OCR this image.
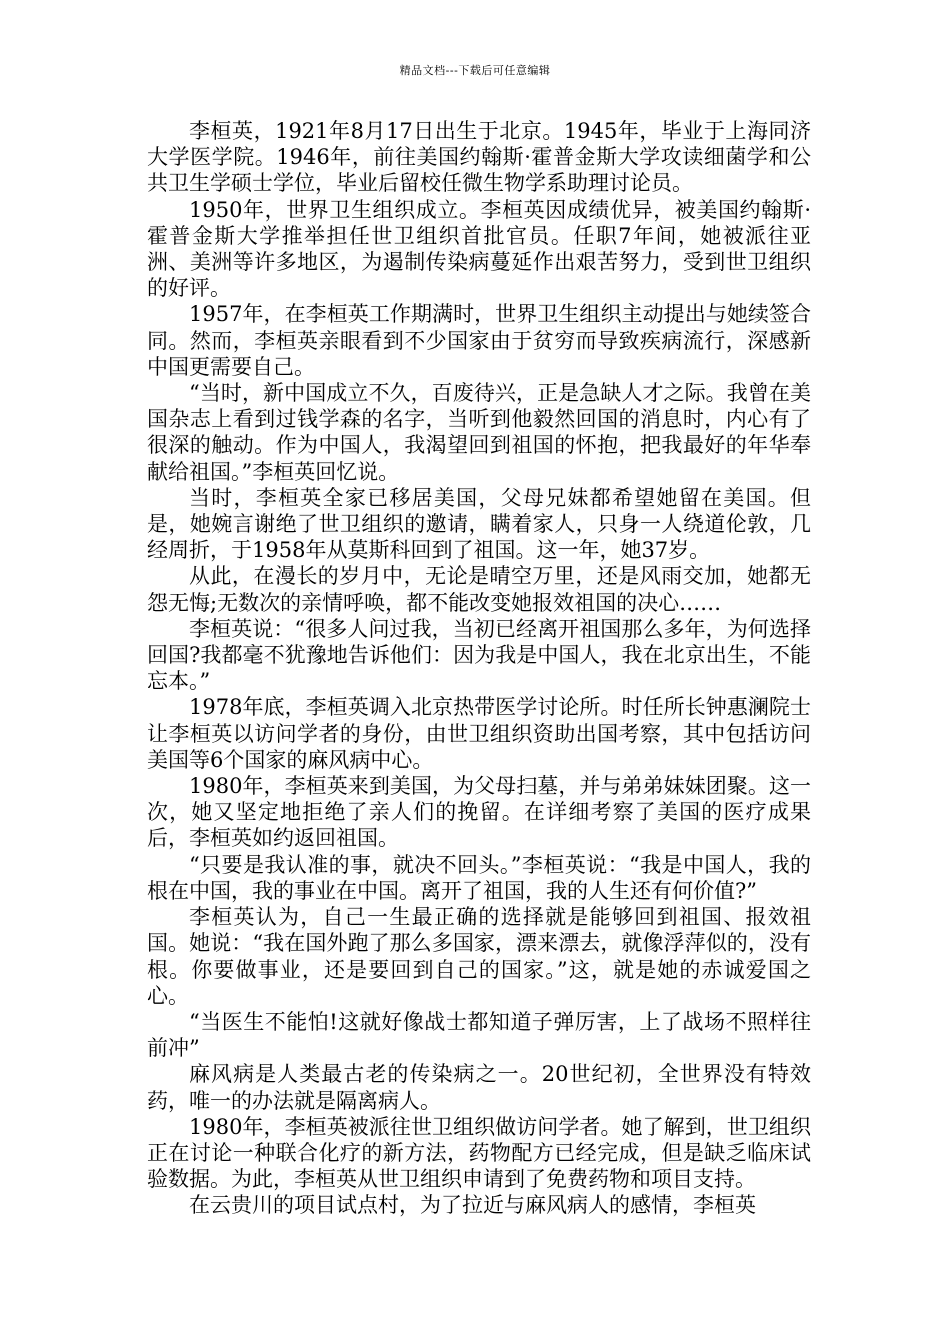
精品文档---下载后可任意编辑

李桓英，1921年8月17日出生于北京。1945年，毕业于上海同济大学医学院。1946年，前往美国约翰斯·霍普金斯大学攻读细菌学和公共卫生学硕士学位，毕业后留校任微生物学系助理讨论员。

1950年，世界卫生组织成立。李桓英因成绩优异，被美国约翰斯·霍普金斯大学推举担任世卫组织首批官员。任职7年间，她被派往亚洲、美洲等许多地区，为遏制传染病蔓延作出艰苦努力，受到世卫组织的好评。

1957年，在李桓英工作期满时，世界卫生组织主动提出与她续签合同。然而，李桓英亲眼看到不少国家由于贫穷而导致疾病流行，深感新中国更需要自己。

“当时，新中国成立不久，百废待兴，正是急缺人才之际。我曾在美国杂志上看到过钱学森的名字，当听到他毅然回国的消息时，内心有了很深的触动。作为中国人，我渴望回到祖国的怀抱，把我最好的年华奉献给祖国。”李桓英回忆说。

当时，李桓英全家已移居美国，父母兄妹都希望她留在美国。但是，她婉言谢绝了世卫组织的邀请，瞒着家人，只身一人绕道伦敦，几经周折，于1958年从莫斯科回到了祖国。这一年，她37岁。

从此，在漫长的岁月中，无论是晴空万里，还是风雨交加，她都无怨无悔;无数次的亲情呼唤，都不能改变她报效祖国的决心……

李桓英说：“很多人问过我，当初已经离开祖国那么多年，为何选择回国?我都毫不犹豫地告诉他们：因为我是中国人，我在北京出生，不能忘本。”

1978年底，李桓英调入北京热带医学讨论所。时任所长钟惠澜院士让李桓英以访问学者的身份，由世卫组织资助出国考察，其中包括访问美国等6个国家的麻风病中心。

1980年，李桓英来到美国，为父母扫墓，并与弟弟妹妹团聚。这一次，她又坚定地拒绝了亲人们的挽留。在详细考察了美国的医疗成果后，李桓英如约返回祖国。

“只要是我认准的事，就决不回头。”李桓英说：“我是中国人，我的根在中国，我的事业在中国。离开了祖国，我的人生还有何价值?”

李桓英认为，自己一生最正确的选择就是能够回到祖国、报效祖国。她说：“我在国外跑了那么多国家，漂来漂去，就像浮萍似的，没有根。你要做事业，还是要回到自己的国家。”这，就是她的赤诚爱国之心。

“当医生不能怕!这就好像战士都知道子弹厉害，上了战场不照样往前冲”

麻风病是人类最古老的传染病之一。20世纪初，全世界没有特效药，唯一的办法就是隔离病人。

1980年，李桓英被派往世卫组织做访问学者。她了解到，世卫组织正在讨论一种联合化疗的新方法，药物配方已经完成，但是缺乏临床试验数据。为此，李桓英从世卫组织申请到了免费药物和项目支持。

在云贵川的项目试点村，为了拉近与麻风病人的感情，李桓英
